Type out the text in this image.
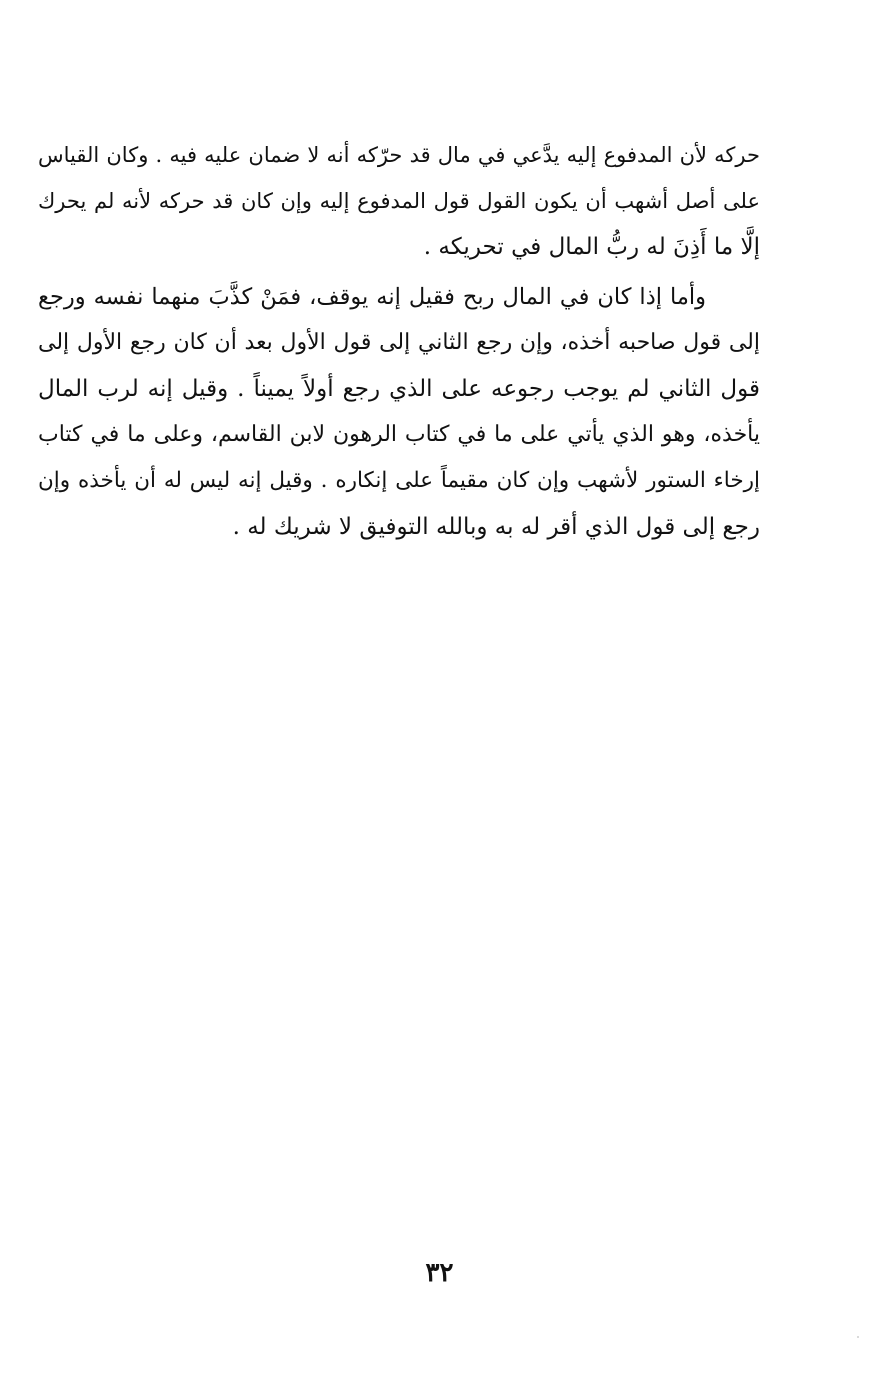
حركه لأن المدفوع إليه يدَّعي في مال قد حرّكه أنه لا ضمان عليه فيه . وكان القياس
على أصل أشهب أن يكون القول قول المدفوع إليه وإن كان قد حركه لأنه لم يحرك
إلَّا ما أَذِنَ له ربُّ المال في تحريكه .
وأما إذا كان في المال ربح فقيل إنه يوقف، فمَنْ كذَّبَ منهما نفسه ورجع
إلى قول صاحبه أخذه، وإن رجع الثاني إلى قول الأول بعد أن كان رجع الأول إلى
قول الثاني لم يوجب رجوعه على الذي رجع أولاً يميناً . وقيل إنه لرب المال
يأخذه، وهو الذي يأتي على ما في كتاب الرهون لابن القاسم، وعلى ما في كتاب
إرخاء الستور لأشهب وإن كان مقيماً على إنكاره . وقيل إنه ليس له أن يأخذه وإن
رجع إلى قول الذي أقر له به وبالله التوفيق لا شريك له .
٣٢
